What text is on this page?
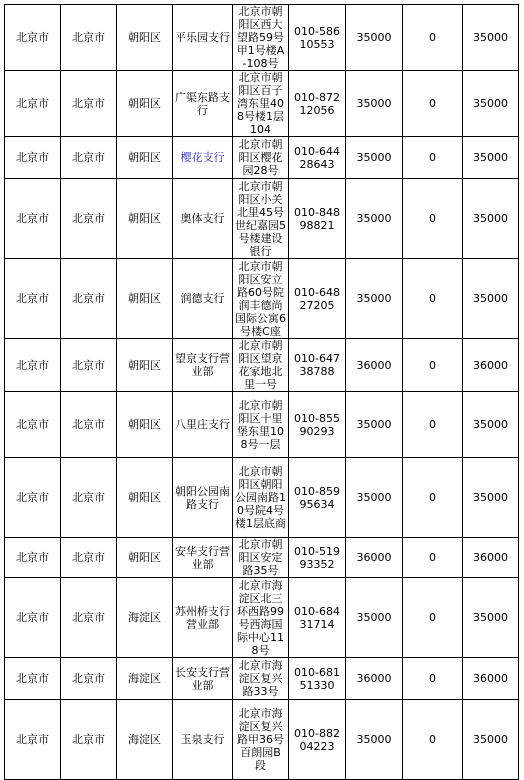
北京市	北京市	朝阳区	平乐园支行	北京市朝阳区西大望路59号甲1号楼A-108号	010-58610553	35000	0	35000
北京市	北京市	朝阳区	广渠东路支行	北京市朝阳区百子湾东里408号楼1层104	010-87212056	35000	0	35000
北京市	北京市	朝阳区	樱花支行	北京市朝阳区樱花园28号	010-64428643	35000	0	35000
北京市	北京市	朝阳区	奥体支行	北京市朝阳区小关北里45号世纪嘉园5号楼建设银行	010-84898821	35000	0	35000
北京市	北京市	朝阳区	润德支行	北京市朝阳区安立路60号院润丰德尚国际公寓6号楼C座	010-64827205	35000	0	35000
北京市	北京市	朝阳区	望京支行营业部	北京市朝阳区望京花家地北里一号	010-64738788	36000	0	36000
北京市	北京市	朝阳区	八里庄支行	北京市朝阳区十里堡东里108号一层	010-85590293	35000	0	35000
北京市	北京市	朝阳区	朝阳公园南路支行	北京市朝阳区朝阳公园南路10号院4号楼1层底商	010-85995634	35000	0	35000
北京市	北京市	朝阳区	安华支行营业部	北京市朝阳区安定路35号	010-51993352	36000	0	36000
北京市	北京市	海淀区	苏州桥支行营业部	北京市海淀区北三环西路99号西海国际中心118号	010-68431714	35000	0	35000
北京市	北京市	海淀区	长安支行营业部	北京市海淀区复兴路33号	010-68151330	36000	0	36000
北京市	北京市	海淀区	玉泉支行	北京市海淀区复兴路甲36号百朗园B段	010-88204223	35000	0	35000
